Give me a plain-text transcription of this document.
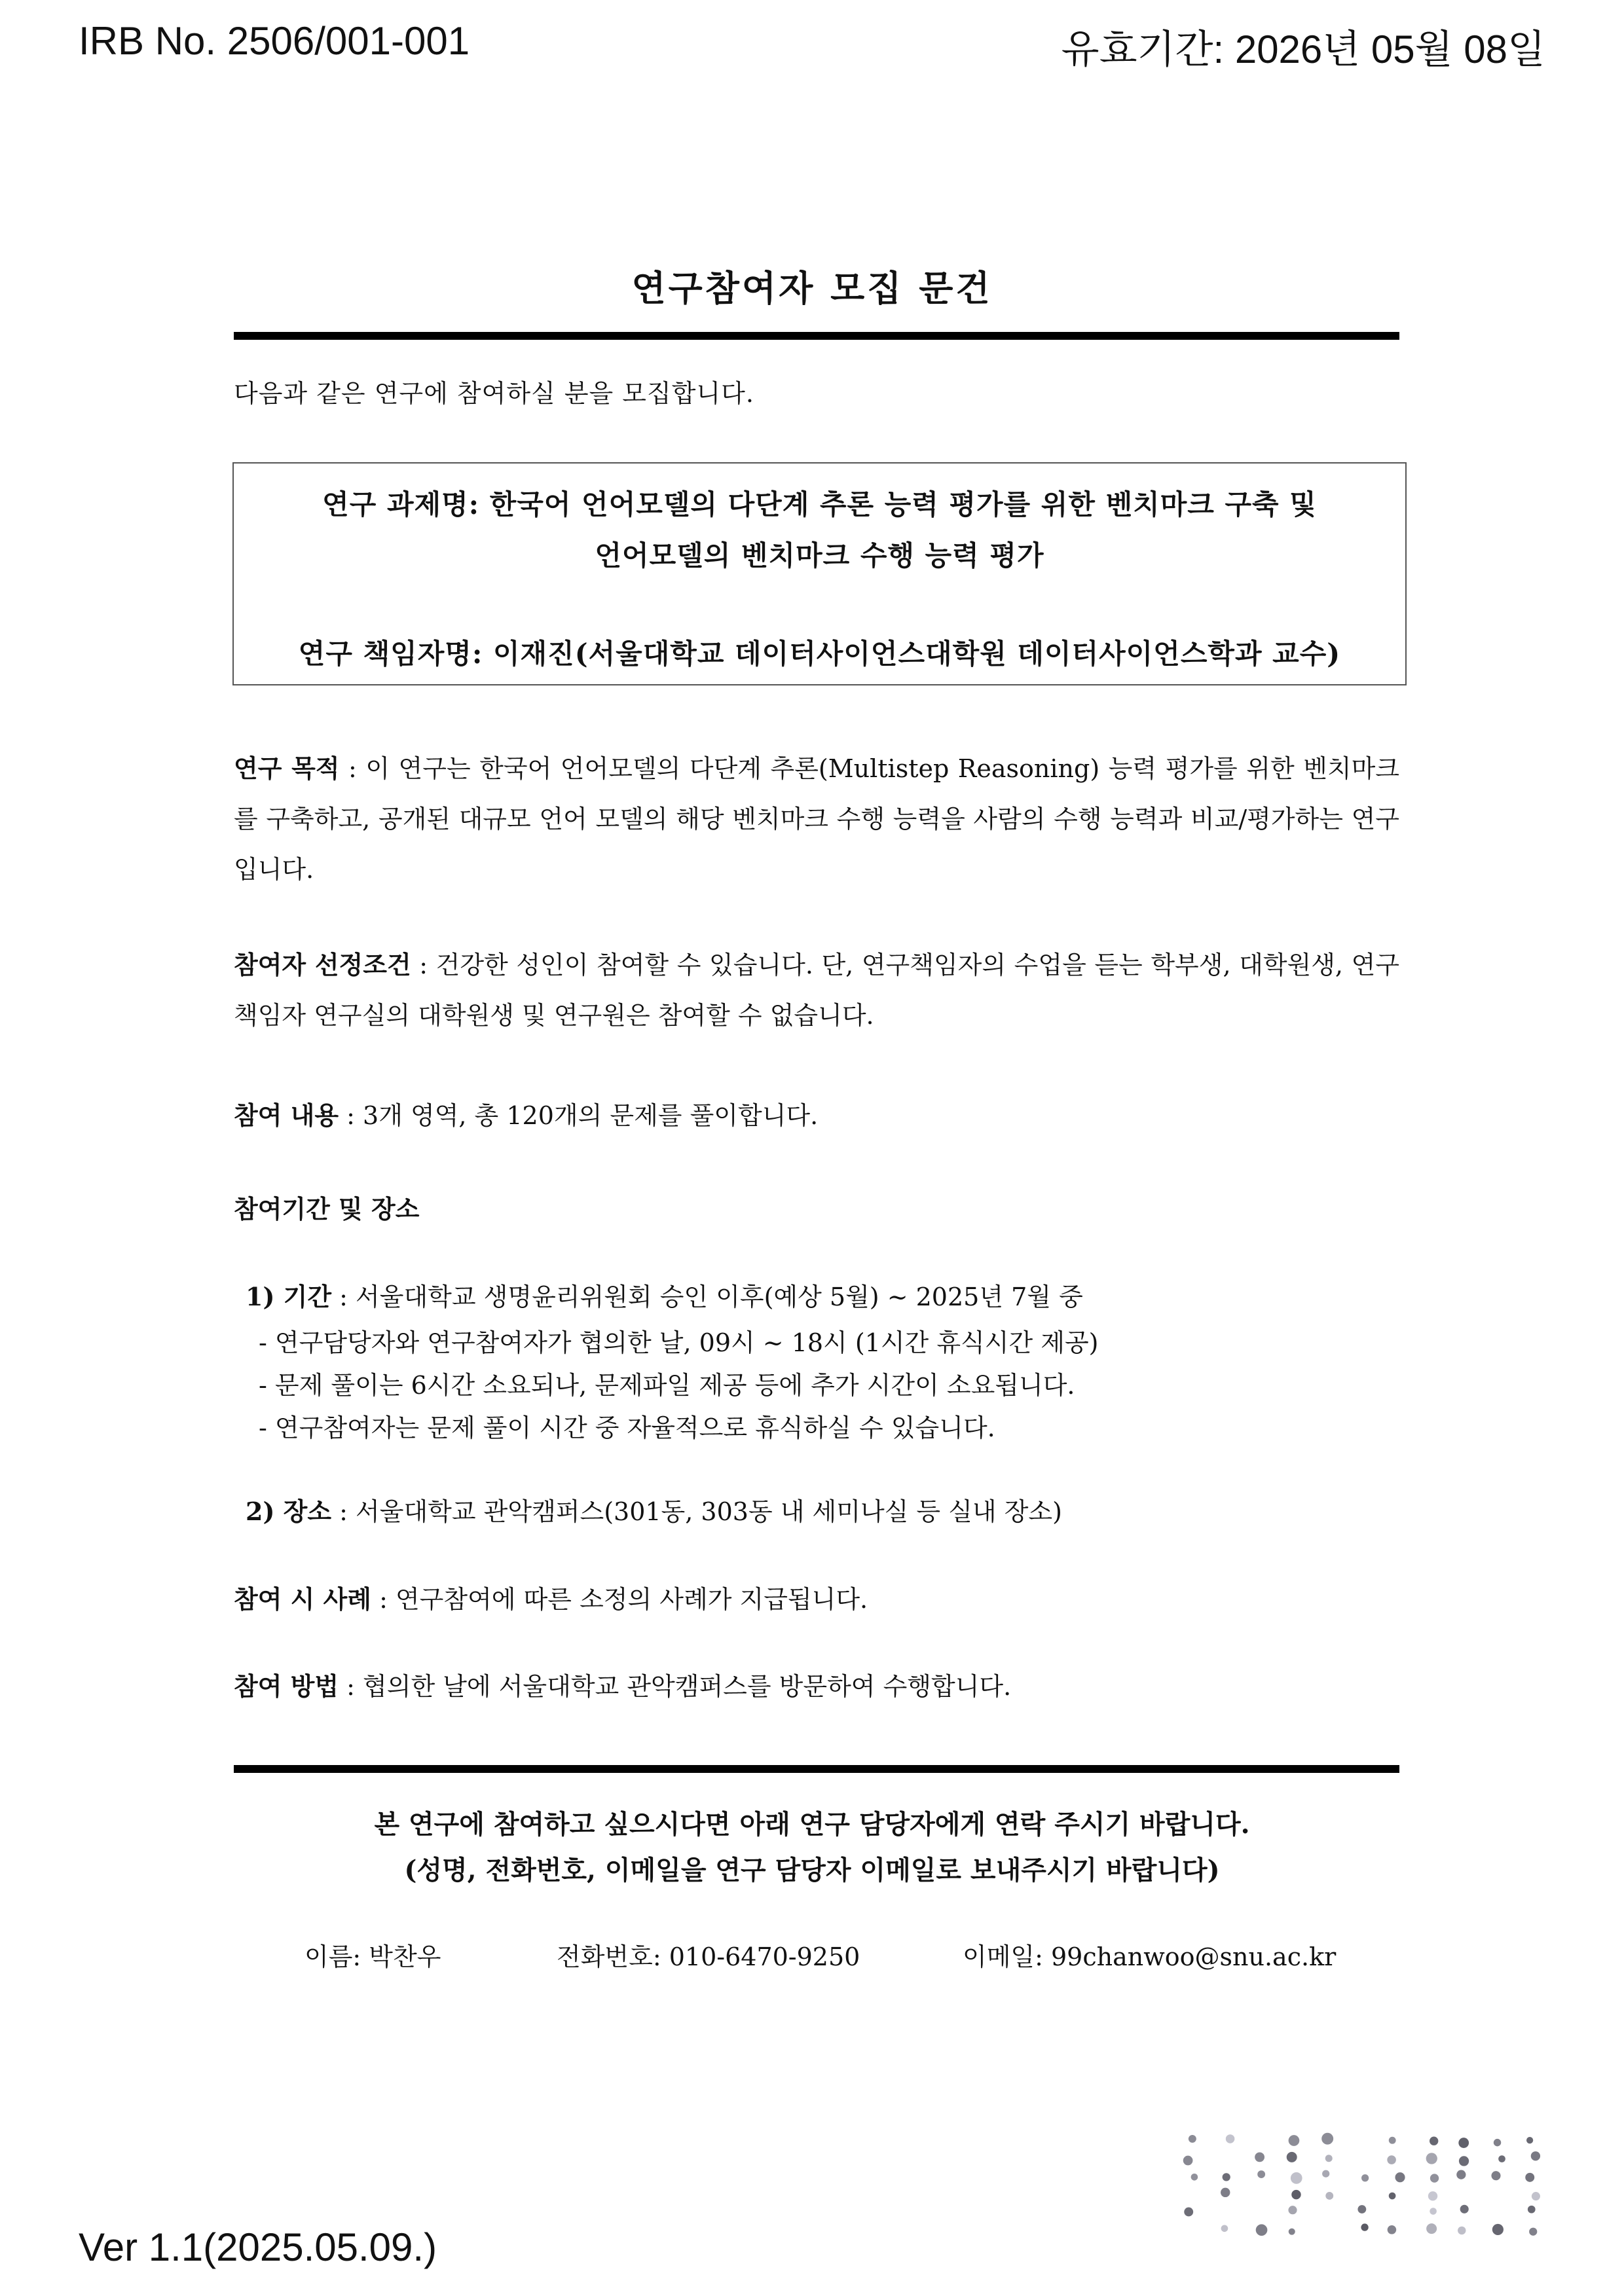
IRB No. 2506/001-001	유효기간: 2026년 05월 08일
연구참여자 모집 문건
다음과 같은 연구에 참여하실 분을 모집합니다.
연구 과제명: 한국어 언어모델의 다단계 추론 능력 평가를 위한 벤치마크 구축 및
언어모델의 벤치마크 수행 능력 평가
연구 책임자명: 이재진(서울대학교 데이터사이언스대학원 데이터사이언스학과 교수)
연구 목적 : 이 연구는 한국어 언어모델의 다단계 추론(Multistep Reasoning) 능력 평가를 위한 벤치마크를 구축하고, 공개된 대규모 언어 모델의 해당 벤치마크 수행 능력을 사람의 수행 능력과 비교/평가하는 연구입니다.
참여자 선정조건 : 건강한 성인이 참여할 수 있습니다. 단, 연구책임자의 수업을 듣는 학부생, 대학원생, 연구책임자 연구실의 대학원생 및 연구원은 참여할 수 없습니다.
참여 내용 : 3개 영역, 총 120개의 문제를 풀이합니다.
참여기간 및 장소
1) 기간 : 서울대학교 생명윤리위원회 승인 이후(예상 5월) ~ 2025년 7월 중
- 연구담당자와 연구참여자가 협의한 날, 09시 ~ 18시 (1시간 휴식시간 제공)
- 문제 풀이는 6시간 소요되나, 문제파일 제공 등에 추가 시간이 소요됩니다.
- 연구참여자는 문제 풀이 시간 중 자율적으로 휴식하실 수 있습니다.
2) 장소 : 서울대학교 관악캠퍼스(301동, 303동 내 세미나실 등 실내 장소)
참여 시 사례 : 연구참여에 따른 소정의 사례가 지급됩니다.
참여 방법 : 협의한 날에 서울대학교 관악캠퍼스를 방문하여 수행합니다.
본 연구에 참여하고 싶으시다면 아래 연구 담당자에게 연락 주시기 바랍니다.
(성명, 전화번호, 이메일을 연구 담당자 이메일로 보내주시기 바랍니다)
이름: 박찬우	전화번호: 010-6470-9250	이메일: 99chanwoo@snu.ac.kr
Ver 1.1(2025.05.09.)
